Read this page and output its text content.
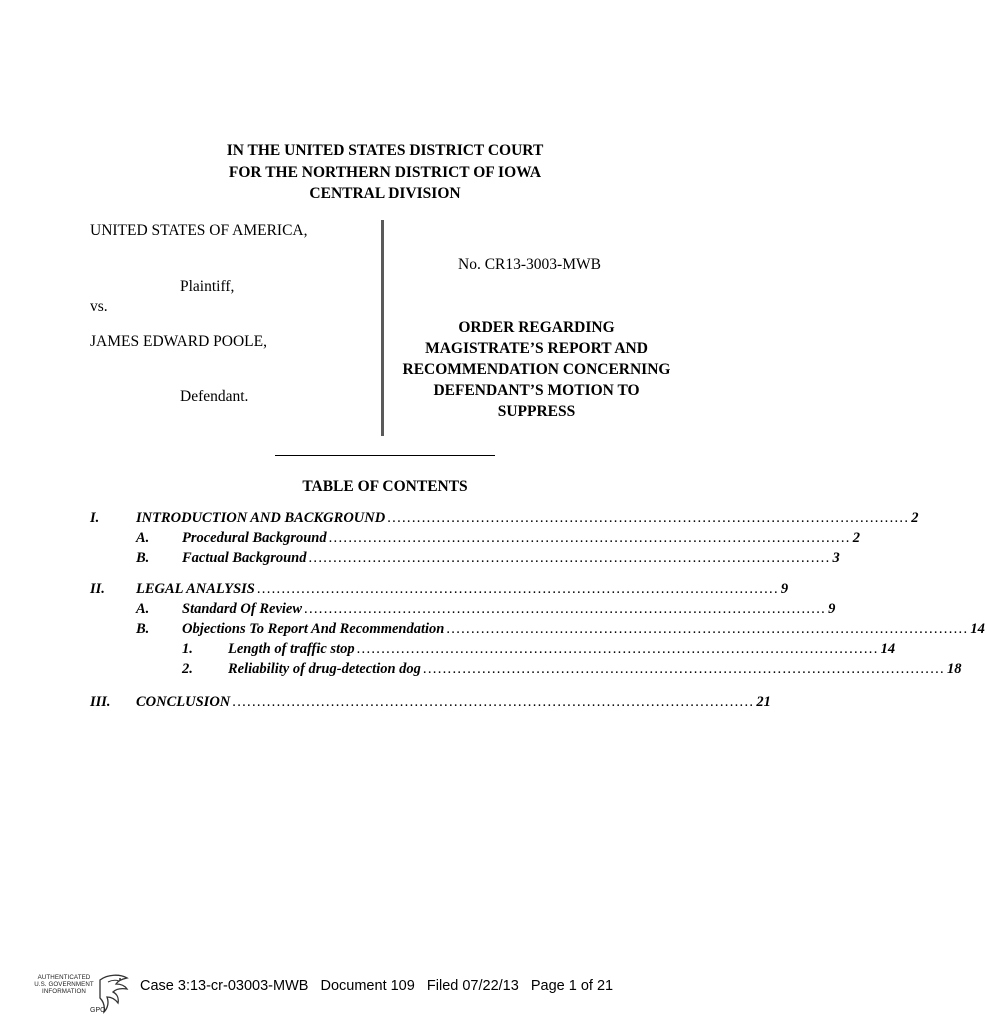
IN THE UNITED STATES DISTRICT COURT
FOR THE NORTHERN DISTRICT OF IOWA
CENTRAL DIVISION
UNITED STATES OF AMERICA,
Plaintiff,
vs.
JAMES EDWARD POOLE,
Defendant.
No. CR13-3003-MWB
ORDER REGARDING
MAGISTRATE’S REPORT AND
RECOMMENDATION CONCERNING
DEFENDANT’S MOTION TO
SUPPRESS
TABLE OF CONTENTS
I.	INTRODUCTION AND BACKGROUND .......................................................................................................... 2
A. Procedural Background .......................................................................................................... 2
B. Factual Background .......................................................................................................... 3
II. LEGAL ANALYSIS .......................................................................................................... 9
A. Standard Of Review .......................................................................................................... 9
B. Objections To Report And Recommendation .......................................................................................................... 14
1. Length of traffic stop .......................................................................................................... 14
2. Reliability of drug-detection dog .......................................................................................................... 18
III. CONCLUSION .......................................................................................................... 21
AUTHENTICATED
U.S. GOVERNMENT
INFORMATION
GPO
Case 3:13-cr-03003-MWB   Document 109   Filed 07/22/13   Page 1 of 21
